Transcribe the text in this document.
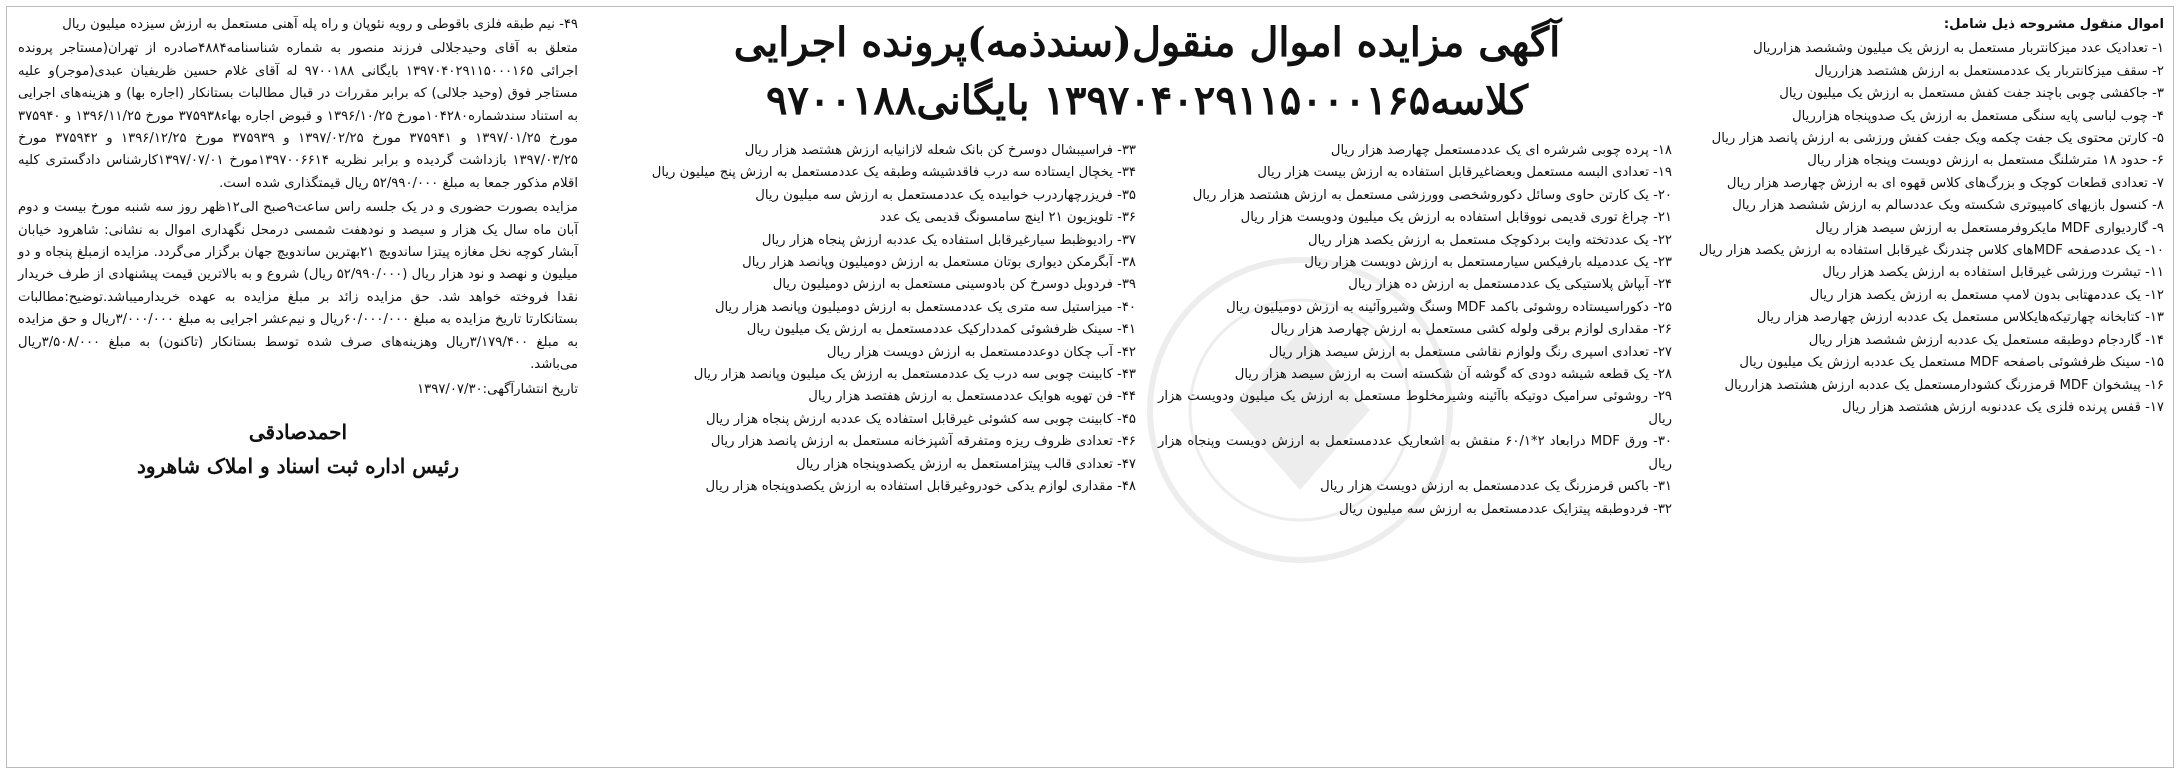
اموال منقول مشروحه ذیل شامل:
۱- تعدادیک عدد میزکانتربار مستعمل به ارزش یک میلیون وششصد هزارریال
۲- سقف میزکانتربار یک عددمستعمل به ارزش هشتصد هزارریال
۳- جاکفشی چوبی باچند جفت کفش مستعمل به ارزش یک میلیون ریال
۴- چوب لباسی پایه سنگی مستعمل به ارزش یک صدوپنجاه هزارریال
۵- کارتن محتوی یک جفت چکمه ویک جفت کفش ورزشی به ارزش پانصد هزار ریال
۶- حدود ۱۸ مترشلنگ مستعمل به ارزش دویست وپنجاه هزار ریال
۷- تعدادی قطعات کوچک و بزرگ‌های کلاس قهوه ای به ارزش چهارصد هزار ریال
۸- کنسول بازیهای کامپیوتری شکسته ویک عددسالم به ارزش ششصد هزار ریال
۹- گاردیواری MDF مایکروفرمستعمل به ارزش سیصد هزار ریال
۱۰- یک عددصفحه MDFهای کلاس چندرنگ غیرقابل استفاده به ارزش یکصد هزار ریال
۱۱- تیشرت ورزشی غیرقابل استفاده به ارزش یکصد هزار ریال
۱۲- یک عددمهتابی بدون لامپ مستعمل به ارزش یکصد هزار ریال
۱۳- کتابخانه چهارتیکه‌هایکلاس مستعمل یک عددبه ارزش چهارصد هزار ریال
۱۴- گاردجام دوطبقه مستعمل یک عددبه ارزش ششصد هزار ریال
۱۵- سینک ظرفشوئی باصفحه MDF مستعمل یک عددبه ارزش یک میلیون ریال
۱۶- پیشخوان MDF قرمزرنگ کشودارمستعمل یک عددبه ارزش هشتصد هزارریال
۱۷- قفس پرنده فلزی یک عددنوبه ارزش هشتصد هزار ریال
آگهی مزایده اموال منقول(سندذمه)پرونده اجرایی
کلاسه۱۳۹۷۰۴۰۲۹۱۱۵۰۰۰۱۶۵ بایگانی۹۷۰۰۱۸۸
۱۸- پرده چوبی شرشره ای یک عددمستعمل چهارصد هزار ریال
۱۹- تعدادی البسه مستعمل وبعضاغیرقابل استفاده به ارزش بیست هزار ریال
۲۰- یک کارتن حاوی وسائل دکوروشخصی وورزشی مستعمل به ارزش هشتصد هزار ریال
۲۱- چراغ توری قدیمی نووقابل استفاده به ارزش یک میلیون ودویست هزار ریال
۲۲- یک عددتخته وایت بردکوچک مستعمل به ارزش یکصد هزار ریال
۲۳- یک عددمیله بارفیکس سیارمستعمل به ارزش دویست هزار ریال
۲۴- آبپاش پلاستیکی یک عددمستعمل به ارزش ده هزار ریال
۲۵- دکوراسیستاده روشوئی باکمد MDF وسنگ وشیروآئینه به ارزش دومیلیون ریال
۲۶- مقداری لوازم برقی ولوله کشی مستعمل به ارزش چهارصد هزار ریال
۲۷- تعدادی اسپری رنگ ولوازم نقاشی مستعمل به ارزش سیصد هزار ریال
۲۸- یک قطعه شیشه دودی که گوشه آن شکسته است به ارزش سیصد هزار ریال
۲۹- روشوئی سرامیک دوتیکه باآئینه وشیرمخلوط مستعمل به ارزش یک میلیون ودویست هزار ریال
۳۰- ورق MDF درابعاد ۲*۶۰/۱ منقش به اشعاریک عددمستعمل به ارزش دویست وپنجاه هزار ریال
۳۱- باکس قرمزرنگ یک عددمستعمل به ارزش دویست هزار ریال
۳۲- فردوطبقه پیتزایک عددمستعمل به ارزش سه میلیون ریال
۳۳- فراسیبشال دوسرخ کن بانک شعله لازانیابه ارزش هشتصد هزار ریال
۳۴- یخچال ایستاده سه درب فاقدشیشه وطبقه یک عددمستعمل به ارزش پنج میلیون ریال
۳۵- فریزرچهاردرب خوابیده یک عددمستعمل به ارزش سه میلیون ریال
۳۶- تلویزیون ۲۱ اینچ سامسونگ قدیمی یک عدد
۳۷- رادیوظبط سیارغیرقابل استفاده یک عددبه ارزش پنجاه هزار ریال
۳۸- آبگرمکن دیواری بوتان مستعمل به ارزش دومیلیون وپانصد هزار ریال
۳۹- فردوبل دوسرخ کن بادوسینی مستعمل به ارزش دومیلیون ریال
۴۰- میزاستیل سه متری یک عددمستعمل به ارزش دومیلیون وپانصد هزار ریال
۴۱- سینک ظرفشوئی کمددارکیک عددمستعمل به ارزش یک میلیون ریال
۴۲- آب چکان دوعددمستعمل به ارزش دویست هزار ریال
۴۳- کابینت چوبی سه درب یک عددمستعمل به ارزش یک میلیون وپانصد هزار ریال
۴۴- فن تهویه هوایک عددمستعمل به ارزش هفتصد هزار ریال
۴۵- کابینت چوبی سه کشوئی غیرقابل استفاده یک عددبه ارزش پنجاه هزار ریال
۴۶- تعدادی ظروف ریزه ومتفرقه آشپزخانه مستعمل به ارزش پانصد هزار ریال
۴۷- تعدادی قالب پیتزامستعمل به ارزش یکصدوپنجاه هزار ریال
۴۸- مقداری لوازم یدکی خودروغیرقابل استفاده به ارزش یکصدوپنجاه هزار ریال
۴۹- نیم طبقه فلزی باقوطی و رویه نئوپان و راه پله آهنی مستعمل به ارزش سیزده میلیون ریال
متعلق به آقای وحیدجلالی فرزند منصور به شماره شناسنامه۴۸۸۴صادره از تهران(مستاجر پرونده اجرائی ۱۳۹۷۰۴۰۲۹۱۱۵۰۰۰۱۶۵ بایگانی ۹۷۰۰۱۸۸ له آقای غلام حسین ظریفیان عبدی(موجر)و علیه مستاجر فوق (وحید جلالی) که برابر مقررات در قبال مطالبات بستانکار (اجاره بها) و هزینه‌های اجرایی به استناد سندشماره۱۰۴۲۸۰مورخ ۱۳۹۶/۱۰/۲۵ و قبوض اجاره بهاء۳۷۵۹۳۸ مورخ ۱۳۹۶/۱۱/۲۵ و ۳۷۵۹۴۰ مورخ ۱۳۹۷/۰۱/۲۵ و ۳۷۵۹۴۱ مورخ ۱۳۹۷/۰۲/۲۵ و ۳۷۵۹۳۹ مورخ ۱۳۹۶/۱۲/۲۵ و ۳۷۵۹۴۲ مورخ ۱۳۹۷/۰۳/۲۵ بازداشت گردیده و برابر نظریه ۱۳۹۷۰۰۶۶۱۴مورخ ۱۳۹۷/۰۷/۰۱کارشناس دادگستری کلیه اقلام مذکور جمعا به مبلغ ۵۲/۹۹۰/۰۰۰ ریال قیمتگذاری شده است.
مزایده بصورت حضوری و در یک جلسه راس ساعت۹صبح الی۱۲ظهر روز سه شنبه مورخ بیست و دوم آبان ماه سال یک هزار و سیصد و نودهفت شمسی درمحل نگهداری اموال به نشانی: شاهرود خیابان آبشار کوچه نخل مغازه پیتزا ساندویچ ۲۱بهترین ساندویچ جهان برگزار می‌گردد. مزایده ازمبلغ پنجاه و دو میلیون و نهصد و نود هزار ریال (۵۲/۹۹۰/۰۰۰ ریال) شروع و به بالاترین قیمت پیشنهادی از طرف خریدار نقدا فروخته خواهد شد. حق مزایده زائد بر مبلغ مزایده به عهده خریدارمیباشد.توضیح:مطالبات بستانکارتا تاریخ مزایده به مبلغ ۶۰/۰۰۰/۰۰۰ریال و نیم‌عشر اجرایی به مبلغ ۳/۰۰۰/۰۰۰ریال و حق مزایده به مبلغ ۳/۱۷۹/۴۰۰ریال وهزینه‌های صرف شده توسط بستانکار (تاکنون) به مبلغ ۳/۵۰۸/۰۰۰ریال می‌باشد.
تاریخ انتشارآگهی:۱۳۹۷/۰۷/۳۰
احمدصادقی
رئیس اداره ثبت اسناد و املاک شاهرود
